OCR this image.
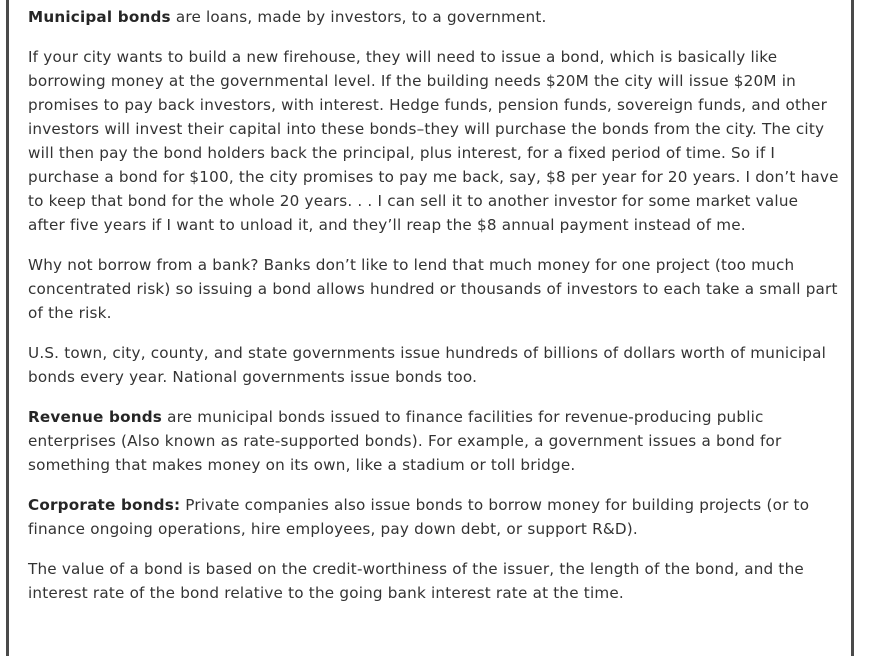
Municipal bonds are loans, made by investors, to a government.

If your city wants to build a new firehouse, they will need to issue a bond, which is basically like borrowing money at the governmental level. If the building needs $20M the city will issue $20M in promises to pay back investors, with interest. Hedge funds, pension funds, sovereign funds, and other investors will invest their capital into these bonds–they will purchase the bonds from the city. The city will then pay the bond holders back the principal, plus interest, for a fixed period of time. So if I purchase a bond for $100, the city promises to pay me back, say, $8 per year for 20 years. I don’t have to keep that bond for the whole 20 years. . . I can sell it to another investor for some market value after five years if I want to unload it, and they’ll reap the $8 annual payment instead of me.

Why not borrow from a bank? Banks don’t like to lend that much money for one project (too much concentrated risk) so issuing a bond allows hundred or thousands of investors to each take a small part of the risk.

U.S. town, city, county, and state governments issue hundreds of billions of dollars worth of municipal bonds every year. National governments issue bonds too.

Revenue bonds are municipal bonds issued to finance facilities for revenue-producing public enterprises (Also known as rate-supported bonds). For example, a government issues a bond for something that makes money on its own, like a stadium or toll bridge.

Corporate bonds: Private companies also issue bonds to borrow money for building projects (or to finance ongoing operations, hire employees, pay down debt, or support R&D).

The value of a bond is based on the credit-worthiness of the issuer, the length of the bond, and the interest rate of the bond relative to the going bank interest rate at the time.
